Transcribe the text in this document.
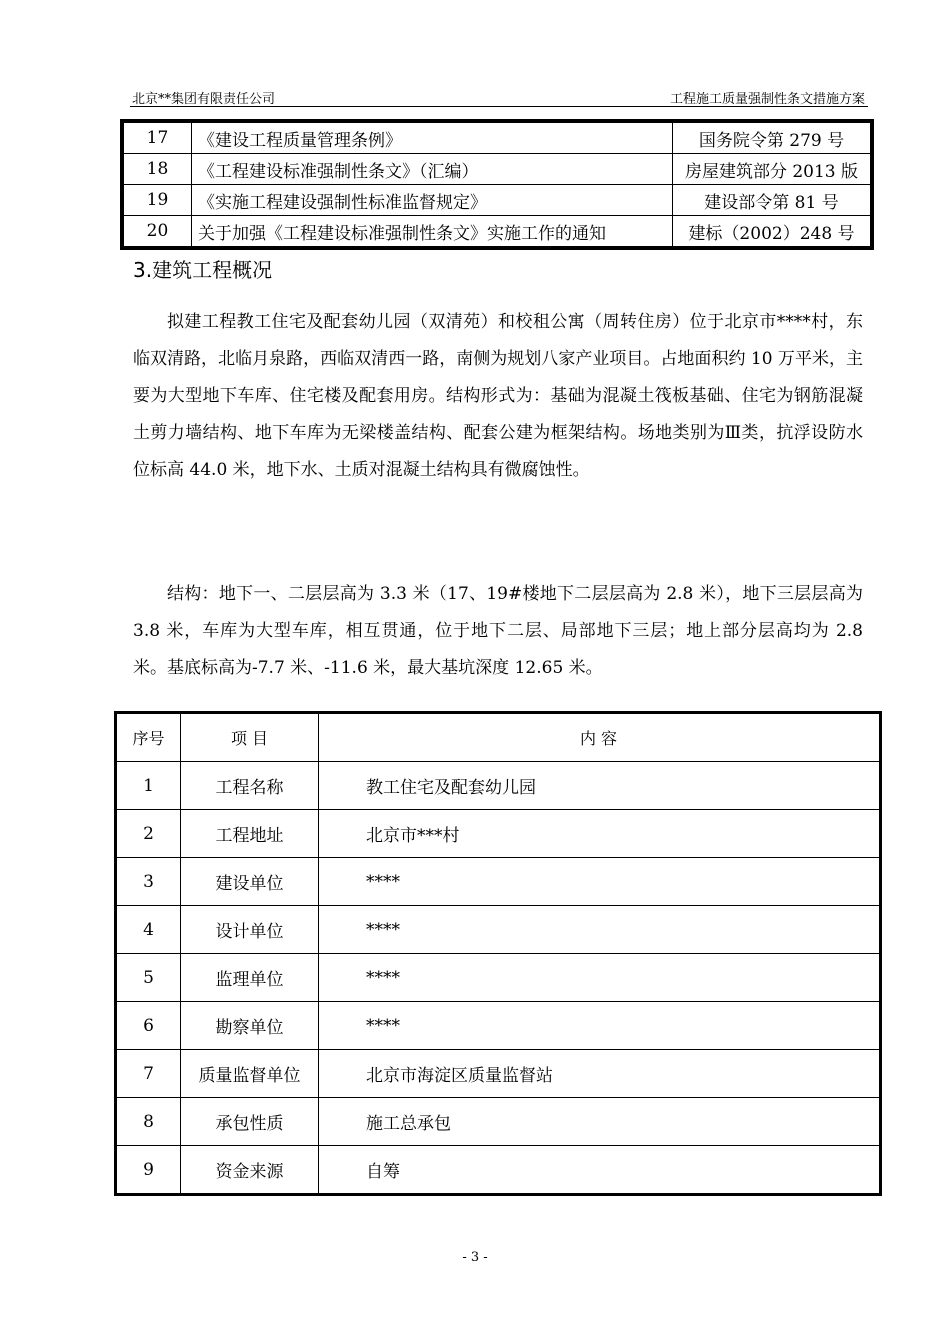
北京**集团有限责任公司	工程施工质量强制性条文措施方案
17	《建设工程质量管理条例》	国务院令第 279 号
18	《工程建设标准强制性条文》（汇编）	房屋建筑部分 2013 版
19	《实施工程建设强制性标准监督规定》	建设部令第 81 号
20	关于加强《工程建设标准强制性条文》实施工作的通知	建标（2002）248 号
3.建筑工程概况

拟建工程教工住宅及配套幼儿园（双清苑）和校租公寓（周转住房）位于北京市****村，东临双清路，北临月泉路，西临双清西一路，南侧为规划八家产业项目。占地面积约 10 万平米，主要为大型地下车库、住宅楼及配套用房。结构形式为：基础为混凝土筏板基础、住宅为钢筋混凝土剪力墙结构、地下车库为无梁楼盖结构、配套公建为框架结构。场地类别为Ⅲ类，抗浮设防水位标高 44.0 米，地下水、土质对混凝土结构具有微腐蚀性。

结构：地下一、二层层高为 3.3 米（17、19#楼地下二层层高为 2.8 米），地下三层层高为 3.8 米，车库为大型车库，相互贯通，位于地下二层、局部地下三层；地上部分层高均为 2.8 米。基底标高为-7.7 米、-11.6 米，最大基坑深度 12.65 米。

序号	项 目	内 容
1	工程名称	教工住宅及配套幼儿园
2	工程地址	北京市***村
3	建设单位	****
4	设计单位	****
5	监理单位	****
6	勘察单位	****
7	质量监督单位	北京市海淀区质量监督站
8	承包性质	施工总承包
9	资金来源	自筹
- 3 -
